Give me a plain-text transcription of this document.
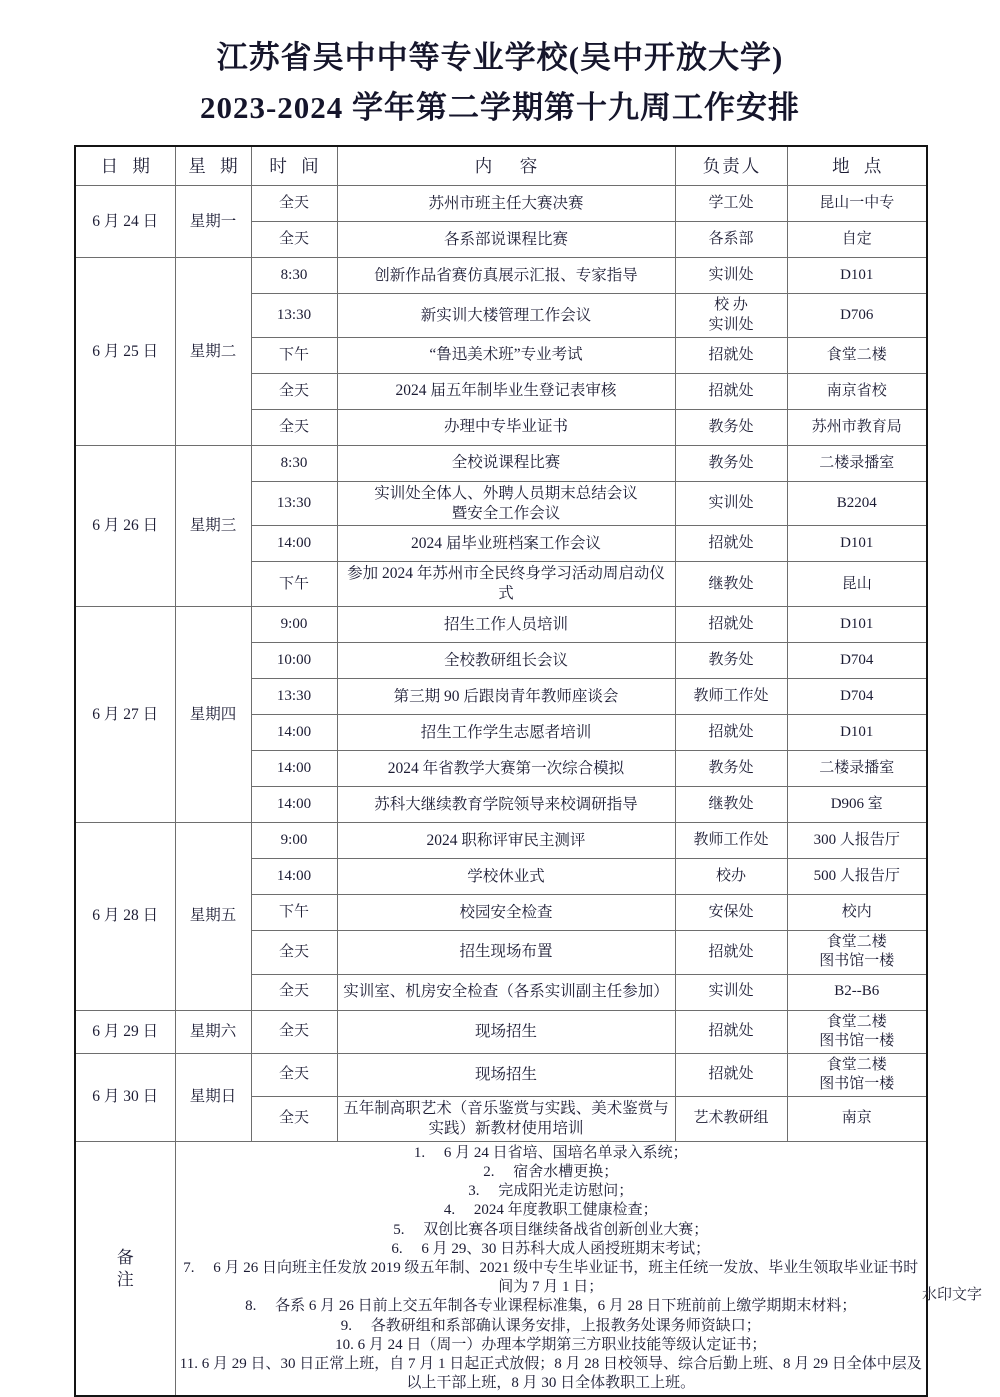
江苏省吴中中等专业学校(吴中开放大学)
2023-2024 学年第二学期第十九周工作安排
日 期	星 期	时 间	内　容	负责人	地 点
6 月 24 日	星期一	全天	苏州市班主任大赛决赛	学工处	昆山一中专
		全天	各系部说课程比赛	各系部	自定
6 月 25 日	星期二	8:30	创新作品省赛仿真展示汇报、专家指导	实训处	D101
		13:30	新实训大楼管理工作会议	校 办
实训处	D706
		下午	“鲁迅美术班”专业考试	招就处	食堂二楼
		全天	2024 届五年制毕业生登记表审核	招就处	南京省校
		全天	办理中专毕业证书	教务处	苏州市教育局
6 月 26 日	星期三	8:30	全校说课程比赛	教务处	二楼录播室
		13:30	实训处全体人、外聘人员期末总结会议
暨安全工作会议	实训处	B2204
		14:00	2024 届毕业班档案工作会议	招就处	D101
		下午	参加 2024 年苏州市全民终身学习活动周启动仪式	继教处	昆山
6 月 27 日	星期四	9:00	招生工作人员培训	招就处	D101
		10:00	全校教研组长会议	教务处	D704
		13:30	第三期 90 后跟岗青年教师座谈会	教师工作处	D704
		14:00	招生工作学生志愿者培训	招就处	D101
		14:00	2024 年省教学大赛第一次综合模拟	教务处	二楼录播室
		14:00	苏科大继续教育学院领导来校调研指导	继教处	D906 室
6 月 28 日	星期五	9:00	2024 职称评审民主测评	教师工作处	300 人报告厅
		14:00	学校休业式	校办	500 人报告厅
		下午	校园安全检查	安保处	校内
		全天	招生现场布置	招就处	食堂二楼
图书馆一楼
		全天	实训室、机房安全检查（各系实训副主任参加）	实训处	B2--B6
6 月 29 日	星期六	全天	现场招生	招就处	食堂二楼
图书馆一楼
6 月 30 日	星期日	全天	现场招生	招就处	食堂二楼
图书馆一楼
		全天	五年制高职艺术（音乐鉴赏与实践、美术鉴赏与
实践）新教材使用培训	艺术教研组	南京

备
注

1. 　6 月 24 日省培、国培名单录入系统；
2. 　宿舍水槽更换；
3. 　完成阳光走访慰问；
4. 　2024 年度教职工健康检查；
5. 　双创比赛各项目继续备战省创新创业大赛；
6. 　6 月 29、30 日苏科大成人函授班期末考试；
7. 　6 月 26 日向班主任发放 2019 级五年制、2021 级中专生毕业证书，班主任统一发放、毕业生领取毕业证书时间为 7 月 1 日；
8. 　各系 6 月 26 日前上交五年制各专业课程标准集，6 月 28 日下班前前上缴学期期末材料；
9. 　各教研组和系部确认课务安排，上报教务处课务师资缺口；
10. 6 月 24 日（周一）办理本学期第三方职业技能等级认定证书；
11. 6 月 29 日、30 日正常上班，自 7 月 1 日起正式放假；8 月 28 日校领导、综合后勤上班、8 月 29 日全体中层及以上干部上班，8 月 30 日全体教职工上班。
水印文字
